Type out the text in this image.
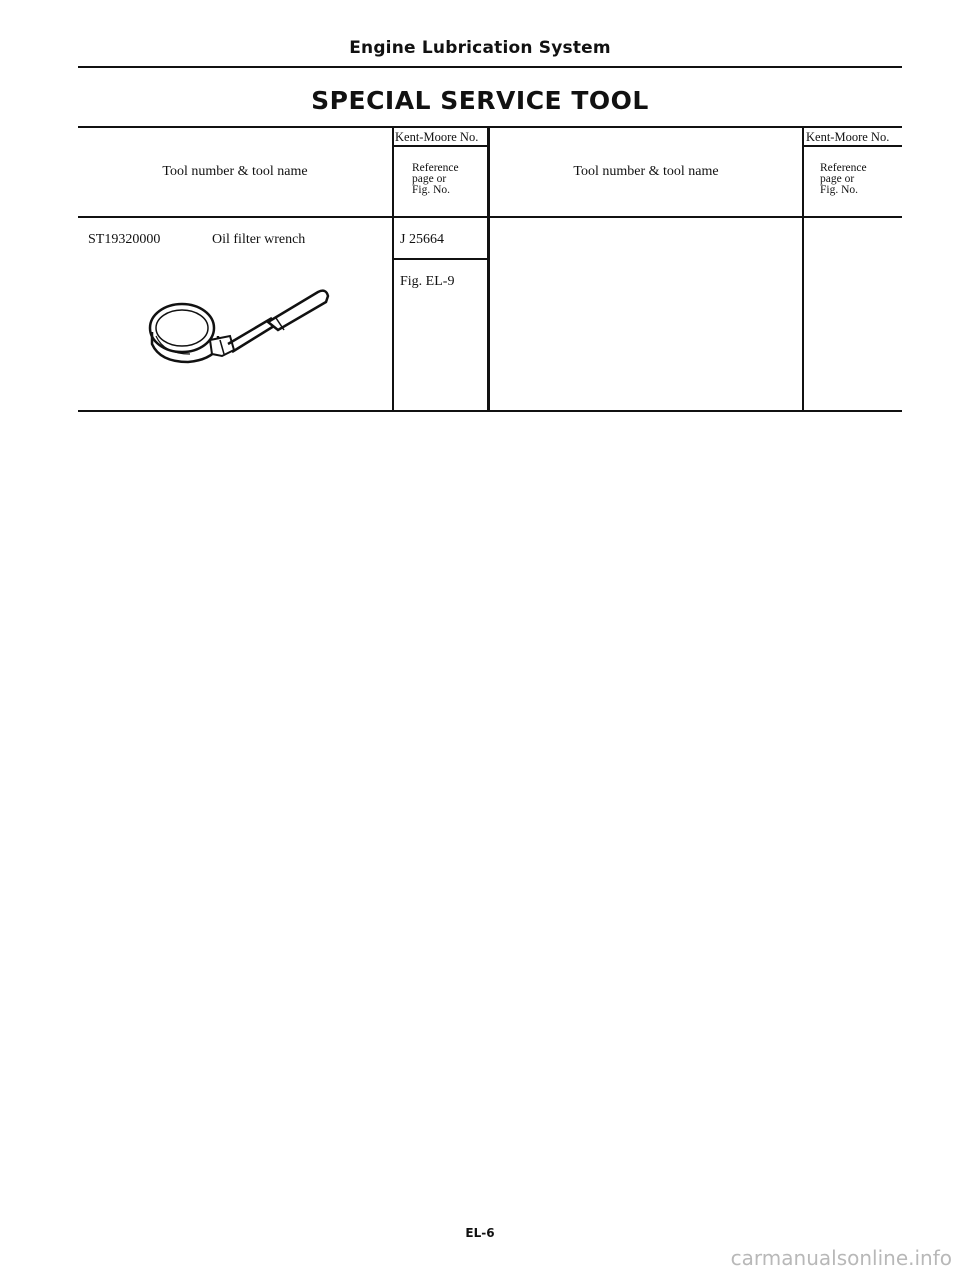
Engine Lubrication System
SPECIAL SERVICE TOOL
Tool number & tool name
Kent-Moore No.
Reference
page or
Fig. No.
Tool number & tool name
Kent-Moore No.
Reference
page or
Fig. No.
ST19320000	Oil filter wrench	J 25664
Fig. EL-9
EL-6
carmanualsonline.info
